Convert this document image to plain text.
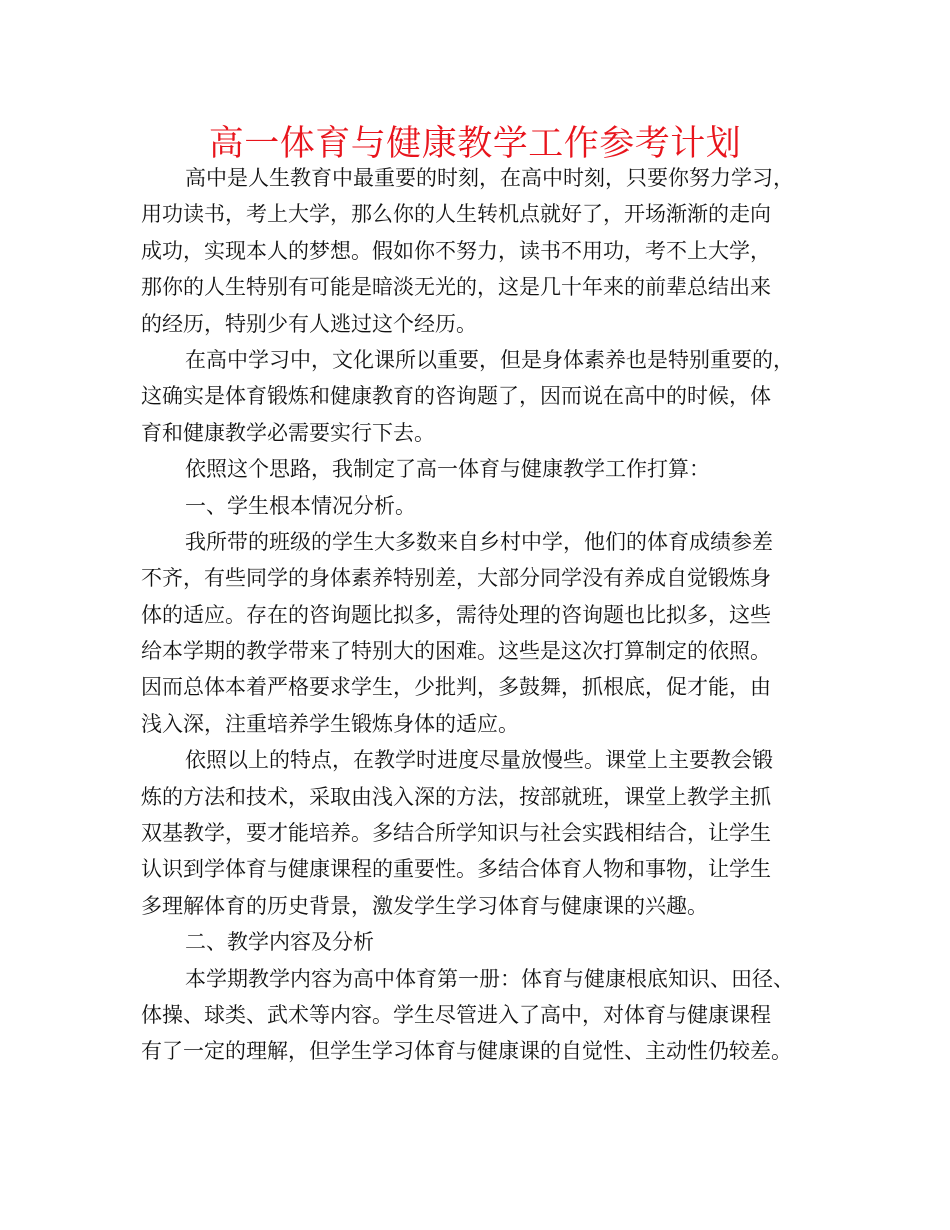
高一体育与健康教学工作参考计划
高中是人生教育中最重要的时刻，在高中时刻，只要你努力学习，
用功读书，考上大学，那么你的人生转机点就好了，开场渐渐的走向
成功，实现本人的梦想。假如你不努力，读书不用功，考不上大学，
那你的人生特别有可能是暗淡无光的，这是几十年来的前辈总结出来
的经历，特别少有人逃过这个经历。
在高中学习中，文化课所以重要，但是身体素养也是特别重要的，
这确实是体育锻炼和健康教育的咨询题了，因而说在高中的时候，体
育和健康教学必需要实行下去。
依照这个思路，我制定了高一体育与健康教学工作打算：
一、学生根本情况分析。
我所带的班级的学生大多数来自乡村中学，他们的体育成绩参差
不齐，有些同学的身体素养特别差，大部分同学没有养成自觉锻炼身
体的适应。存在的咨询题比拟多，需待处理的咨询题也比拟多，这些
给本学期的教学带来了特别大的困难。这些是这次打算制定的依照。
因而总体本着严格要求学生，少批判，多鼓舞，抓根底，促才能，由
浅入深，注重培养学生锻炼身体的适应。
依照以上的特点，在教学时进度尽量放慢些。课堂上主要教会锻
炼的方法和技术，采取由浅入深的方法，按部就班，课堂上教学主抓
双基教学，要才能培养。多结合所学知识与社会实践相结合，让学生
认识到学体育与健康课程的重要性。多结合体育人物和事物，让学生
多理解体育的历史背景，激发学生学习体育与健康课的兴趣。
二、教学内容及分析
本学期教学内容为高中体育第一册：体育与健康根底知识、田径、
体操、球类、武术等内容。学生尽管进入了高中，对体育与健康课程
有了一定的理解，但学生学习体育与健康课的自觉性、主动性仍较差。
